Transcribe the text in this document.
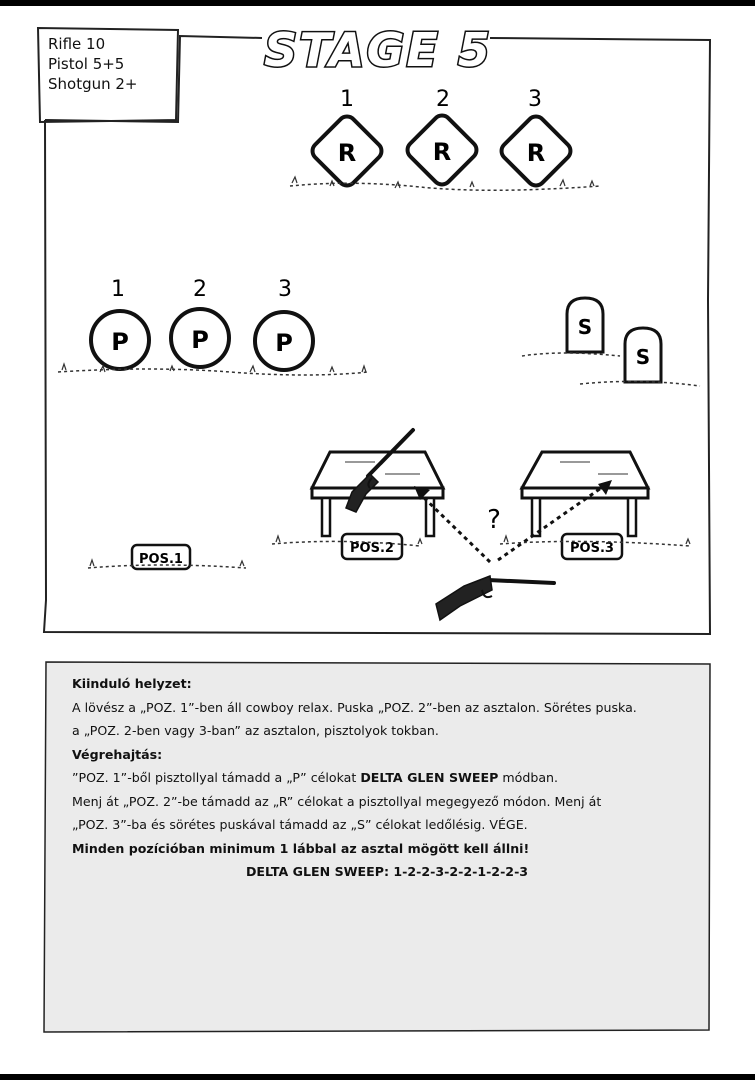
STAGE 5
1	2	3
R	R	R
1	2	3
P	P	P
S
S
?
POS.1
POS.2	POS.3
Rifle 10
Pistol 5+5
Shotgun 2+

Kiinduló helyzet:

A lövész a „POZ. 1”-ben áll cowboy relax. Puska „POZ. 2”-ben az asztalon. Sörétes puska.

a „POZ. 2-ben vagy 3-ban” az asztalon, pisztolyok tokban.

Végrehajtás:

”POZ. 1”-ből pisztollyal támadd a „P” célokat DELTA GLEN SWEEP módban.

Menj át „POZ. 2”-be támadd az „R” célokat a pisztollyal megegyező módon. Menj át

„POZ. 3”-ba és sörétes puskával támadd az „S” célokat ledőlésig. VÉGE.

Minden pozícióban minimum 1 lábbal az asztal mögött kell állni!

DELTA GLEN SWEEP: 1-2-2-3-2-2-1-2-2-3
